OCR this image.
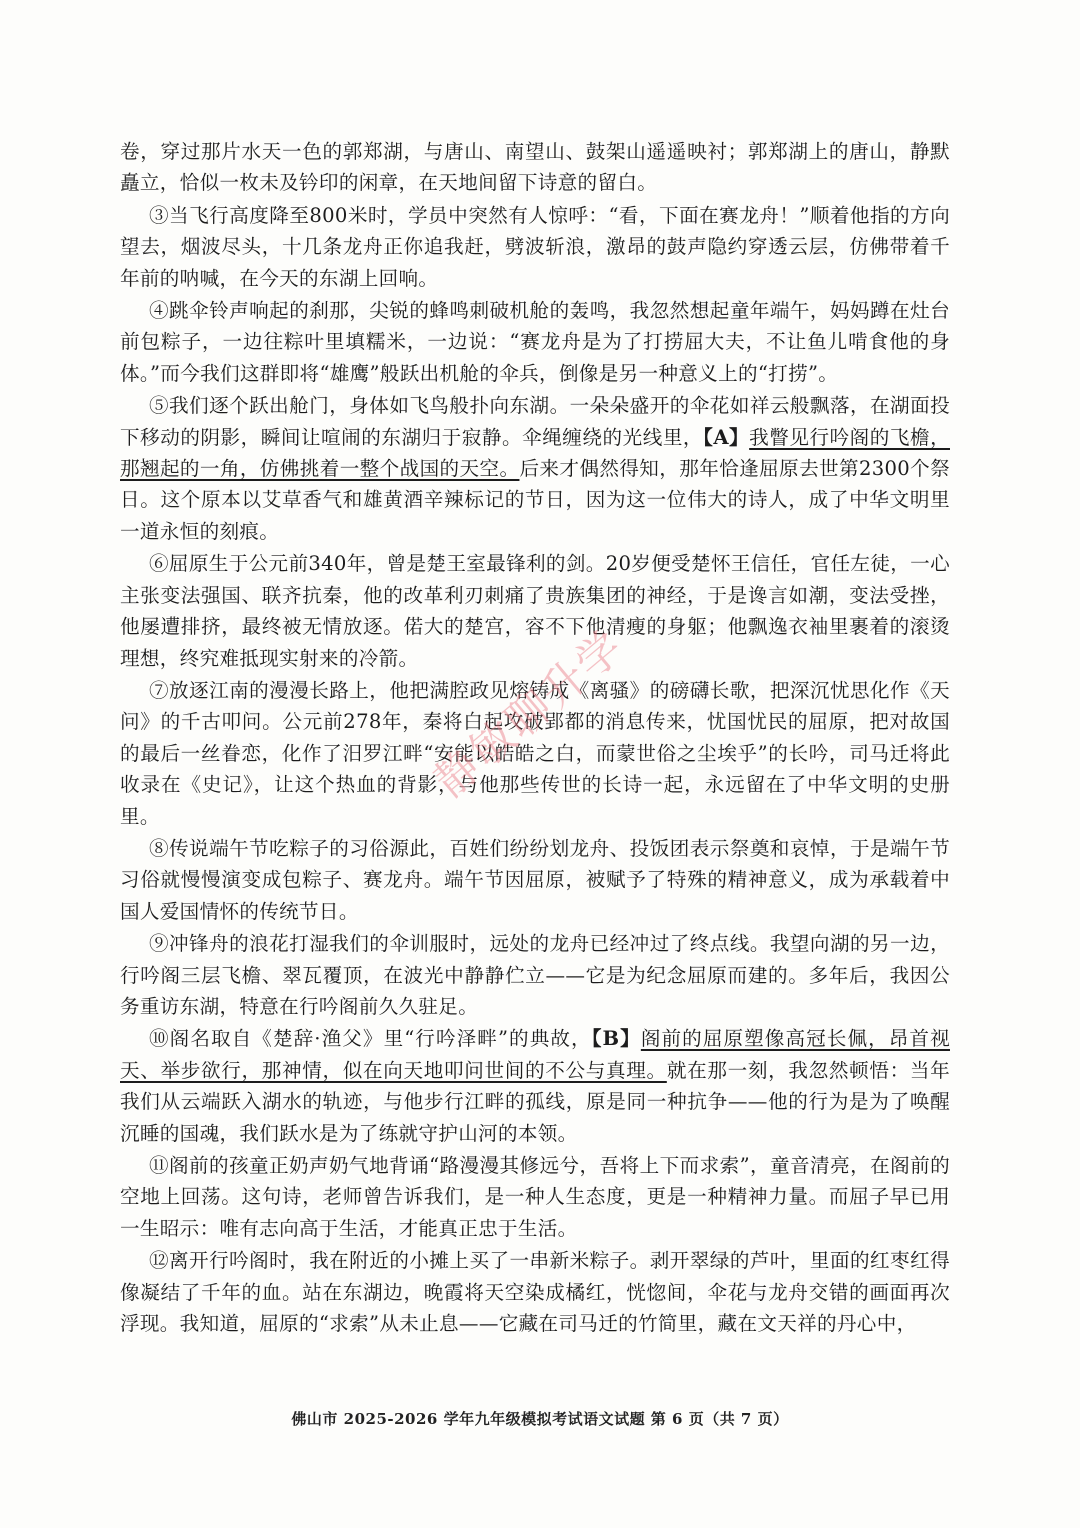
卷，穿过那片水天一色的郭郑湖，与唐山、南望山、鼓架山遥遥映衬；郭郑湖上的唐山，静默矗立，恰似一枚未及钤印的闲章，在天地间留下诗意的留白。

③当飞行高度降至800米时，学员中突然有人惊呼：“看，下面在赛龙舟！”顺着他指的方向望去，烟波尽头，十几条龙舟正你追我赶，劈波斩浪，激昂的鼓声隐约穿透云层，仿佛带着千年前的呐喊，在今天的东湖上回响。

④跳伞铃声响起的刹那，尖锐的蜂鸣刺破机舱的轰鸣，我忽然想起童年端午，妈妈蹲在灶台前包粽子，一边往粽叶里填糯米，一边说：“赛龙舟是为了打捞屈大夫，不让鱼儿啃食他的身体。”而今我们这群即将“雄鹰”般跃出机舱的伞兵，倒像是另一种意义上的“打捞”。

⑤我们逐个跃出舱门，身体如飞鸟般扑向东湖。一朵朵盛开的伞花如祥云般飘落，在湖面投下移动的阴影，瞬间让喧闹的东湖归于寂静。伞绳缠绕的光线里，【A】我瞥见行吟阁的飞檐，那翘起的一角，仿佛挑着一整个战国的天空。后来才偶然得知，那年恰逢屈原去世第2300个祭日。这个原本以艾草香气和雄黄酒辛辣标记的节日，因为这一位伟大的诗人，成了中华文明里一道永恒的刻痕。

⑥屈原生于公元前340年，曾是楚王室最锋利的剑。20岁便受楚怀王信任，官任左徒，一心主张变法强国、联齐抗秦，他的改革利刃刺痛了贵族集团的神经，于是谗言如潮，变法受挫，他屡遭排挤，最终被无情放逐。偌大的楚宫，容不下他清瘦的身躯；他飘逸衣袖里裹着的滚烫理想，终究难抵现实射来的冷箭。

⑦放逐江南的漫漫长路上，他把满腔政见熔铸成《离骚》的磅礴长歌，把深沉忧思化作《天问》的千古叩问。公元前278年，秦将白起攻破郢都的消息传来，忧国忧民的屈原，把对故国的最后一丝眷恋，化作了汨罗江畔“安能以皓皓之白，而蒙世俗之尘埃乎”的长吟，司马迁将此收录在《史记》，让这个热血的背影，与他那些传世的长诗一起，永远留在了中华文明的史册里。

⑧传说端午节吃粽子的习俗源此，百姓们纷纷划龙舟、投饭团表示祭奠和哀悼，于是端午节习俗就慢慢演变成包粽子、赛龙舟。端午节因屈原，被赋予了特殊的精神意义，成为承载着中国人爱国情怀的传统节日。

⑨冲锋舟的浪花打湿我们的伞训服时，远处的龙舟已经冲过了终点线。我望向湖的另一边，行吟阁三层飞檐、翠瓦覆顶，在波光中静静伫立——它是为纪念屈原而建的。多年后，我因公务重访东湖，特意在行吟阁前久久驻足。

⑩阁名取自《楚辞·渔父》里“行吟泽畔”的典故，【B】阁前的屈原塑像高冠长佩，昂首视天、举步欲行，那神情，似在向天地叩问世间的不公与真理。就在那一刻，我忽然顿悟：当年我们从云端跃入湖水的轨迹，与他步行江畔的孤线，原是同一种抗争——他的行为是为了唤醒沉睡的国魂，我们跃水是为了练就守护山河的本领。

⑪阁前的孩童正奶声奶气地背诵“路漫漫其修远兮，吾将上下而求索”，童音清亮，在阁前的空地上回荡。这句诗，老师曾告诉我们，是一种人生态度，更是一种精神力量。而屈子早已用一生昭示：唯有志向高于生活，才能真正忠于生活。

⑫离开行吟阁时，我在附近的小摊上买了一串新米粽子。剥开翠绿的芦叶，里面的红枣红得像凝结了千年的血。站在东湖边，晚霞将天空染成橘红，恍惚间，伞花与龙舟交错的画面再次浮现。我知道，屈原的“求索”从未止息——它藏在司马迁的竹简里，藏在文天祥的丹心中，

静敏聊升学
佛山市 2025-2026 学年九年级模拟考试语文试题 第 6 页（共 7 页）
